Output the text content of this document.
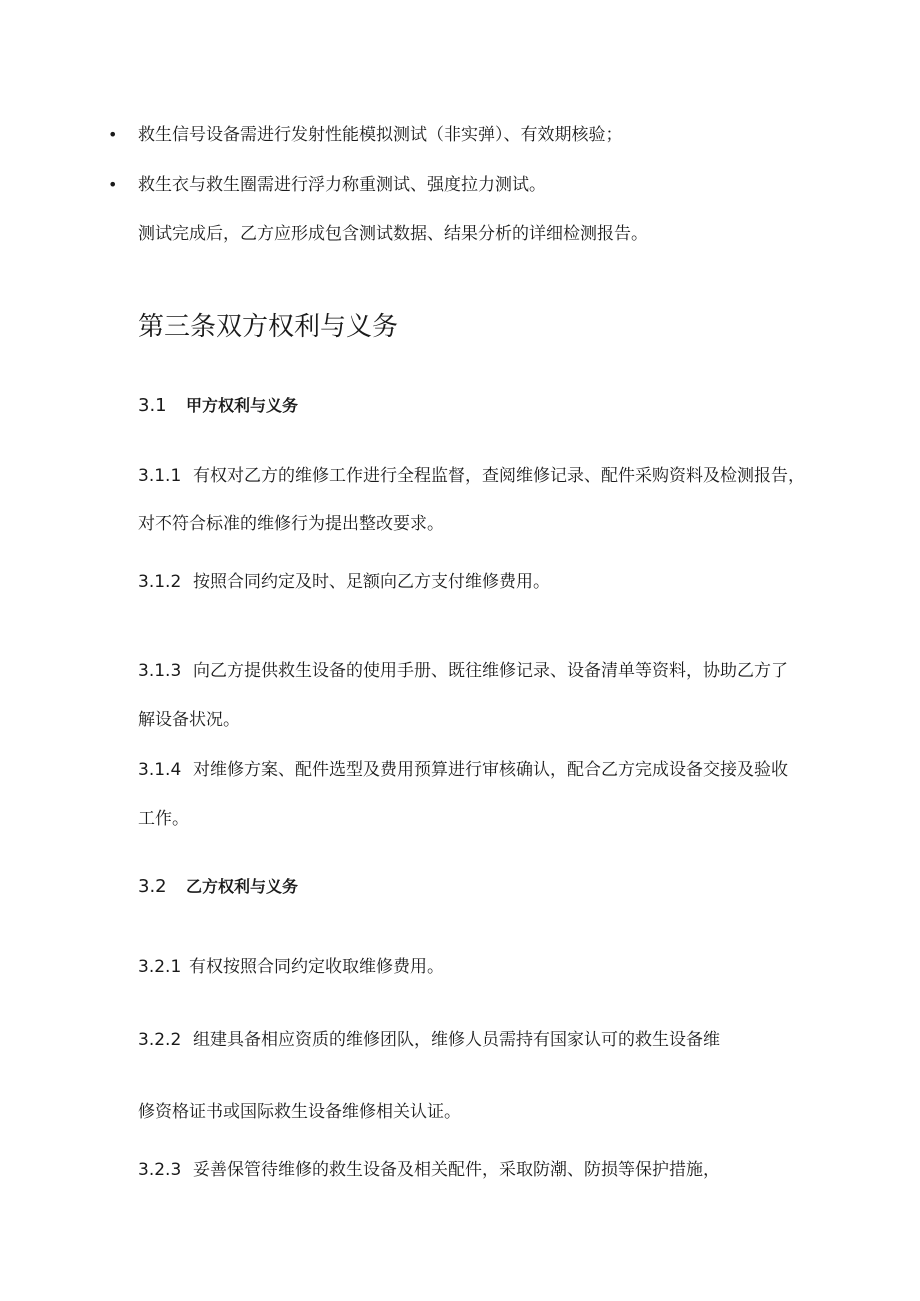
• 救生信号设备需进行发射性能模拟测试（非实弹）、有效期核验；
• 救生衣与救生圈需进行浮力称重测试、强度拉力测试。
测试完成后，乙方应形成包含测试数据、结果分析的详细检测报告。
第三条双方权利与义务
3.1 甲方权利与义务
3.1.1 有权对乙方的维修工作进行全程监督，查阅维修记录、配件采购资料及检测报告，
对不符合标准的维修行为提出整改要求。
3.1.2 按照合同约定及时、足额向乙方支付维修费用。
3.1.3 向乙方提供救生设备的使用手册、既往维修记录、设备清单等资料，协助乙方了
解设备状况。
3.1.4 对维修方案、配件选型及费用预算进行审核确认，配合乙方完成设备交接及验收
工作。
3.2 乙方权利与义务
3.2.1 有权按照合同约定收取维修费用。
3.2.2 组建具备相应资质的维修团队，维修人员需持有国家认可的救生设备维
修资格证书或国际救生设备维修相关认证。
3.2.3 妥善保管待维修的救生设备及相关配件，采取防潮、防损等保护措施，
